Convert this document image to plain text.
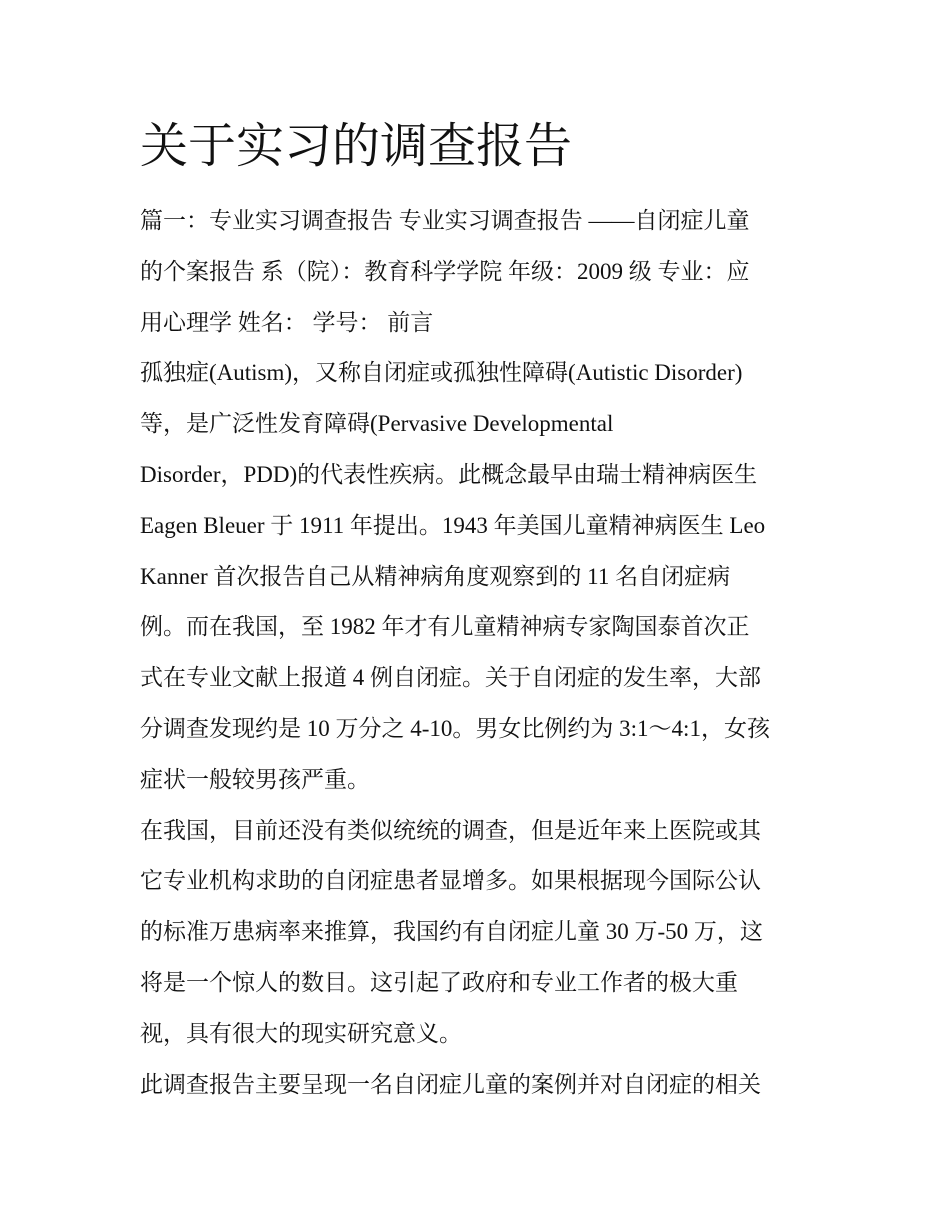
关于实习的调查报告

篇一：专业实习调查报告 专业实习调查报告 ——自闭症儿童
的个案报告 系（院）：教育科学学院 年级：2009 级 专业：应
用心理学 姓名： 学号： 前言

孤独症(Autism)，又称自闭症或孤独性障碍(Autistic Disorder)
等，是广泛性发育障碍(Pervasive Developmental
Disorder，PDD)的代表性疾病。此概念最早由瑞士精神病医生
Eagen Bleuer 于 1911 年提出。1943 年美国儿童精神病医生 Leo
Kanner 首次报告自己从精神病角度观察到的 11 名自闭症病
例。而在我国，至 1982 年才有儿童精神病专家陶国泰首次正
式在专业文献上报道 4 例自闭症。关于自闭症的发生率，大部
分调查发现约是 10 万分之 4-10。男女比例约为 3:1～4:1，女孩
症状一般较男孩严重。

在我国，目前还没有类似统统的调查，但是近年来上医院或其
它专业机构求助的自闭症患者显增多。如果根据现今国际公认
的标准万患病率来推算，我国约有自闭症儿童 30 万-50 万，这
将是一个惊人的数目。这引起了政府和专业工作者的极大重
视，具有很大的现实研究意义。

此调查报告主要呈现一名自闭症儿童的案例并对自闭症的相关
